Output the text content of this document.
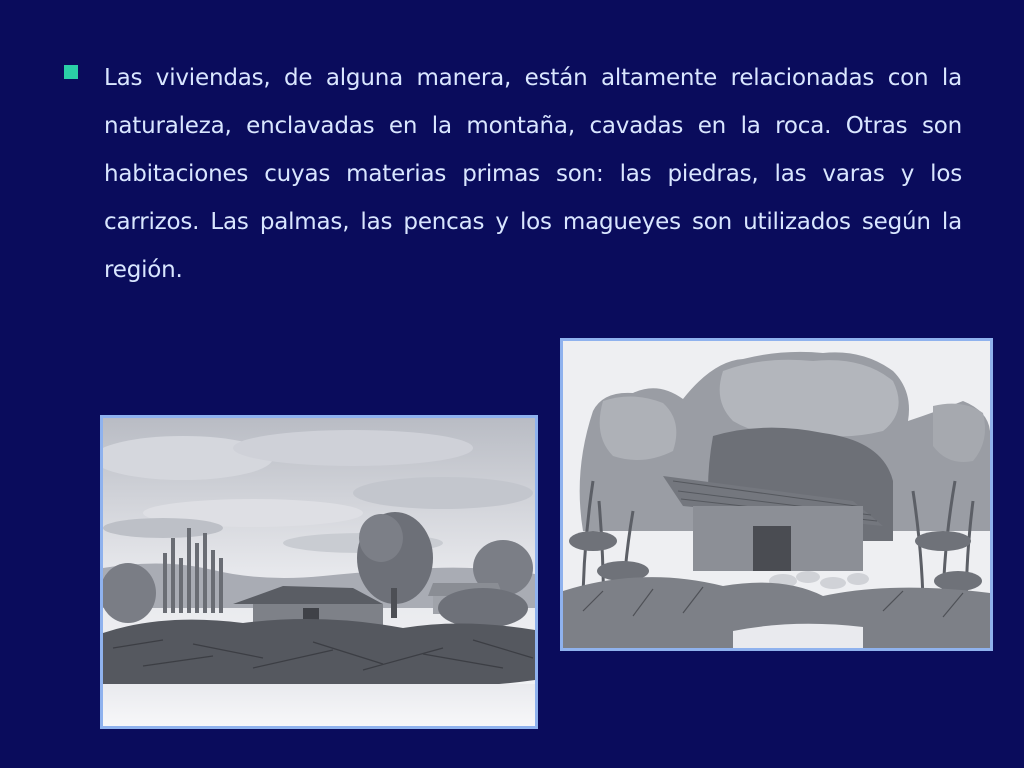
Las viviendas, de alguna manera, están altamente relacionadas con la naturaleza, enclavadas en la montaña, cavadas en la roca. Otras son habitaciones cuyas materias primas son: las piedras, las varas y los carrizos. Las palmas, las pencas y los magueyes son utilizados según la región.
